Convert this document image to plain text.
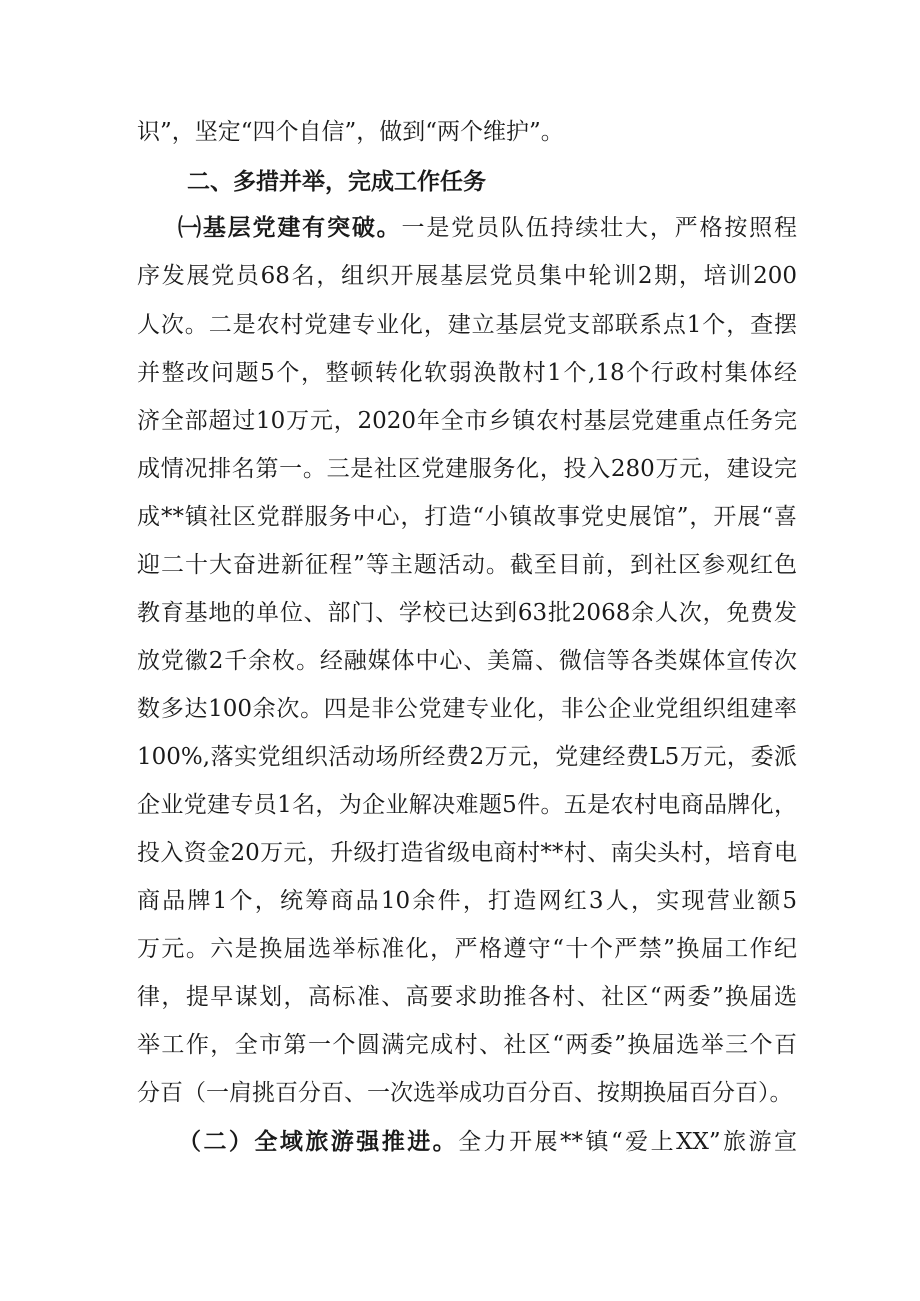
识”，坚定“四个自信”，做到“两个维护”。
二、多措并举，完成工作任务
㈠基层党建有突破。一是党员队伍持续壮大，严格按照程
序发展党员68名，组织开展基层党员集中轮训2期，培训200
人次。二是农村党建专业化，建立基层党支部联系点1个，查摆
并整改问题5个，整顿转化软弱涣散村1个,18个行政村集体经
济全部超过10万元，2020年全市乡镇农村基层党建重点任务完
成情况排名第一。三是社区党建服务化，投入280万元，建设完
成**镇社区党群服务中心，打造“小镇故事党史展馆”，开展“喜
迎二十大奋进新征程”等主题活动。截至目前，到社区参观红色
教育基地的单位、部门、学校已达到63批2068余人次，免费发
放党徽2千余枚。经融媒体中心、美篇、微信等各类媒体宣传次
数多达100余次。四是非公党建专业化，非公企业党组织组建率
100%,落实党组织活动场所经费2万元，党建经费L5万元，委派
企业党建专员1名，为企业解决难题5件。五是农村电商品牌化，
投入资金20万元，升级打造省级电商村**村、南尖头村，培育电
商品牌1个，统筹商品10余件，打造网红3人，实现营业额5
万元。六是换届选举标准化，严格遵守“十个严禁”换届工作纪
律，提早谋划，高标准、高要求助推各村、社区“两委”换届选
举工作，全市第一个圆满完成村、社区“两委”换届选举三个百
分百（一肩挑百分百、一次选举成功百分百、按期换届百分百）。
（二）全域旅游强推进。全力开展**镇“爱上XX”旅游宣
